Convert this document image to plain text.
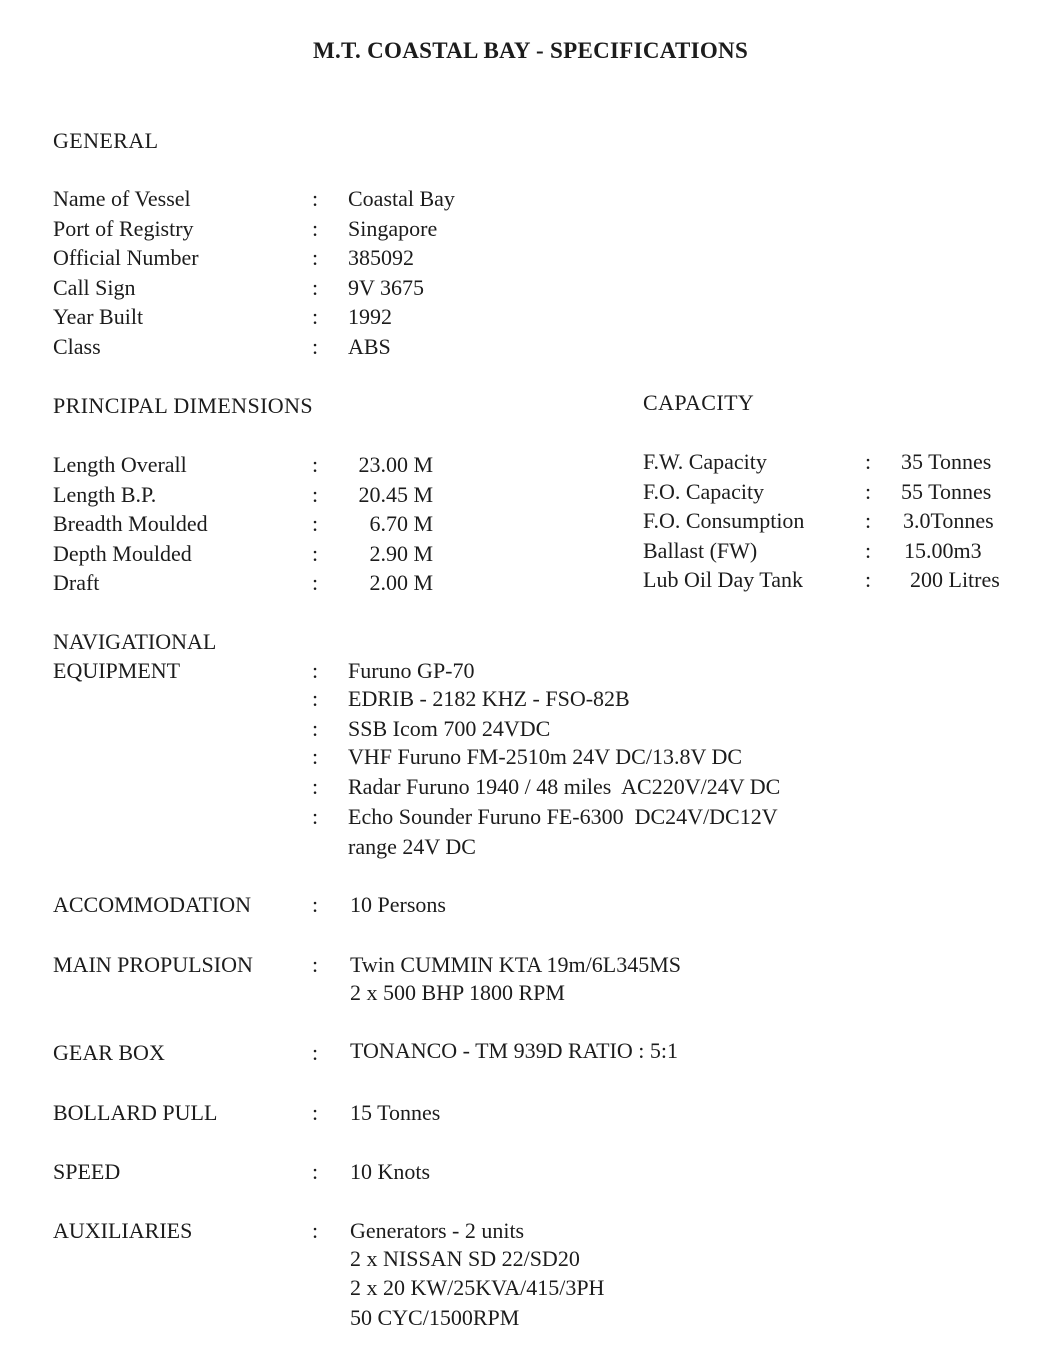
M.T. COASTAL BAY - SPECIFICATIONS
GENERAL
Name of Vessel	: Coastal Bay
Port of Registry	: Singapore
Official Number	: 385092
Call Sign	: 9V 3675
Year Built	: 1992
Class	: ABS
PRINCIPAL DIMENSIONS
Length Overall	:	23.00 M
Length B.P.	:	20.45 M
Breadth Moulded	:	6.70 M
Depth Moulded	:	2.90 M
Draft	:	2.00 M
CAPACITY
F.W. Capacity	: 35 Tonnes
F.O. Capacity	: 55 Tonnes
F.O. Consumption	: 3.0Tonnes
Ballast (FW)	: 15.00m3
Lub Oil Day Tank	: 200 Litres
NAVIGATIONAL
EQUIPMENT	: Furuno GP-70
: EDRIB - 2182 KHZ - FSO-82B
: SSB Icom 700 24VDC
: VHF Furuno FM-2510m 24V DC/13.8V DC
: Radar Furuno 1940 / 48 miles  AC220V/24V DC
: Echo Sounder Furuno FE-6300  DC24V/DC12V
range 24V DC
ACCOMMODATION	: 10 Persons
MAIN PROPULSION	: Twin CUMMIN KTA 19m/6L345MS
2 x 500 BHP 1800 RPM
GEAR BOX	: TONANCO - TM 939D RATIO : 5:1
BOLLARD PULL	: 15 Tonnes
SPEED	: 10 Knots
AUXILIARIES	: Generators - 2 units
2 x NISSAN SD 22/SD20
2 x 20 KW/25KVA/415/3PH
50 CYC/1500RPM
